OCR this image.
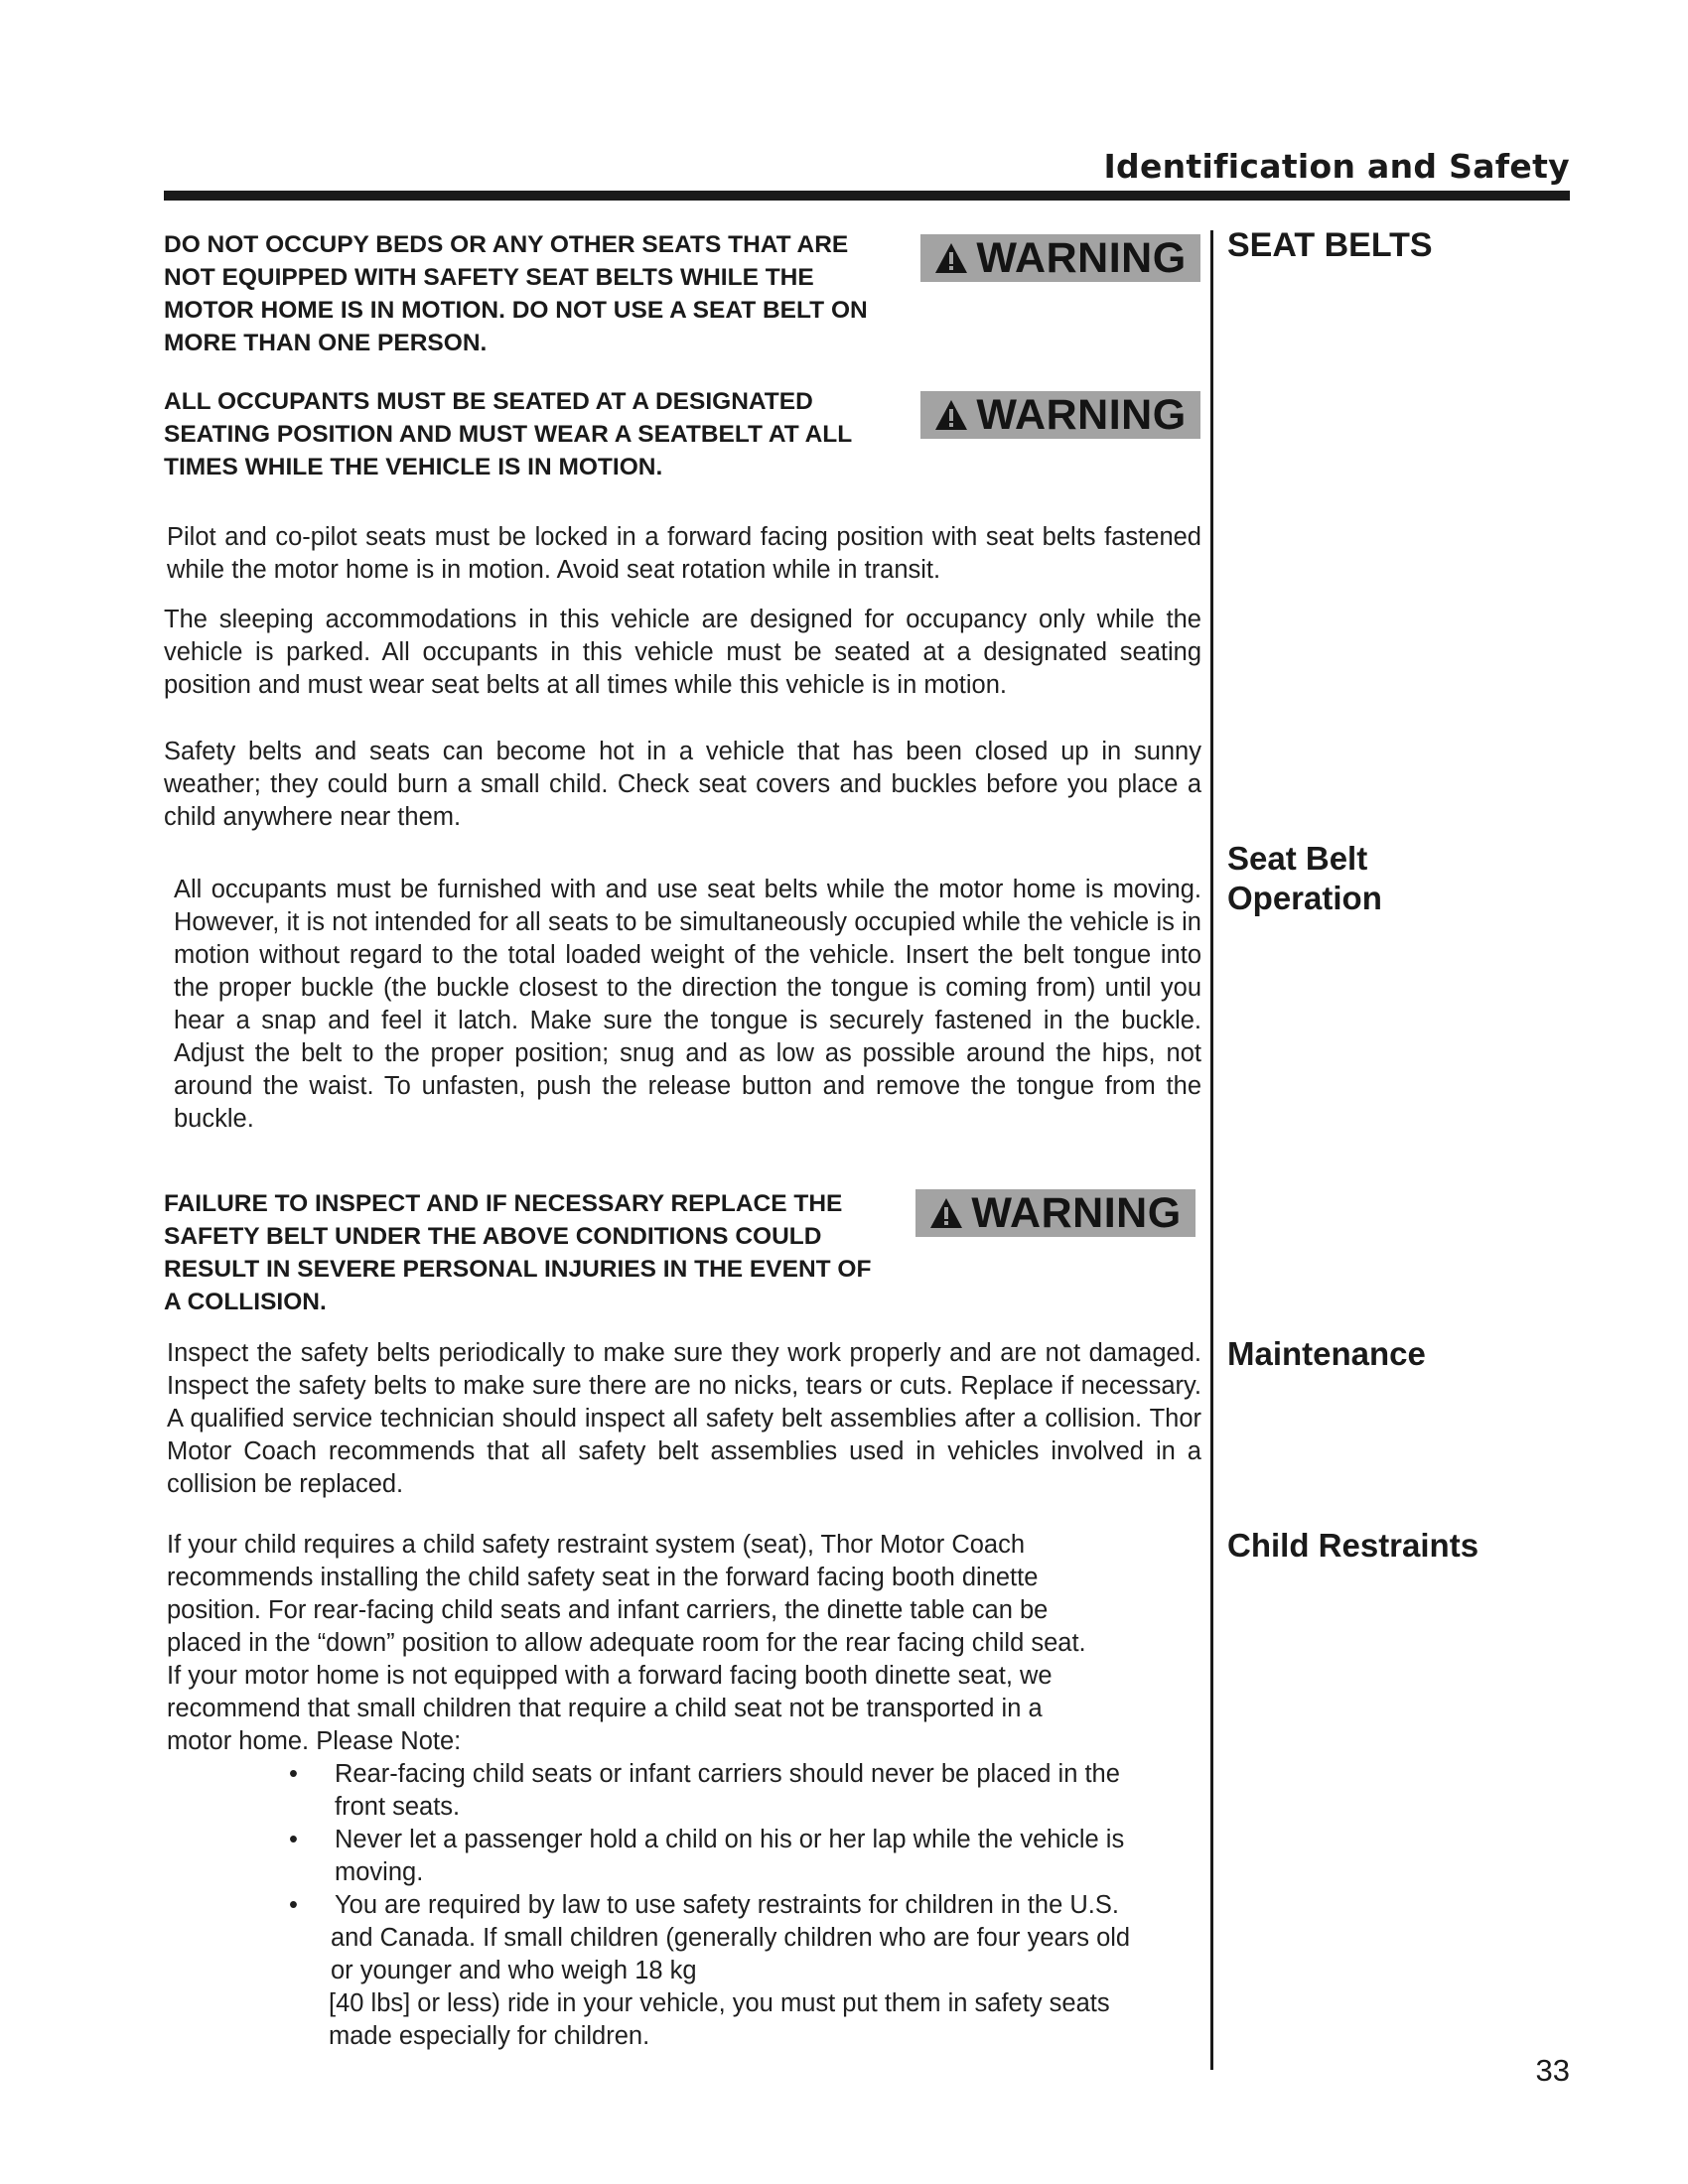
Identification and Safety
SEAT BELTS
Seat Belt
Operation
Maintenance
Child Restraints

DO NOT OCCUPY BEDS OR ANY OTHER SEATS THAT ARE NOT EQUIPPED WITH SAFETY SEAT BELTS WHILE THE MOTOR HOME IS IN MOTION. DO NOT USE A SEAT BELT ON MORE THAN ONE PERSON.

WARNING

ALL OCCUPANTS MUST BE SEATED AT A DESIGNATED SEATING POSITION AND MUST WEAR A SEATBELT AT ALL TIMES WHILE THE VEHICLE IS IN MOTION.

WARNING

Pilot and co-pilot seats must be locked in a forward facing position with seat belts fastened while the motor home is in motion. Avoid seat rotation while in transit.

The sleeping accommodations in this vehicle are designed for occupancy only while the vehicle is parked. All occupants in this vehicle must be seated at a designated seating position and must wear seat belts at all times while this vehicle is in motion.

Safety belts and seats can become hot in a vehicle that has been closed up in sunny weather; they could burn a small child. Check seat covers and buckles before you place a child anywhere near them.

All occupants must be furnished with and use seat belts while the motor home is moving. However, it is not intended for all seats to be simultaneously occupied while the vehicle is in motion without regard to the total loaded weight of the vehicle. Insert the belt tongue into the proper buckle (the buckle closest to the direction the tongue is coming from) until you hear a snap and feel it latch. Make sure the tongue is securely fastened in the buckle. Adjust the belt to the proper position; snug and as low as possible around the hips, not around the waist. To unfasten, push the release button and remove the tongue from the buckle.

FAILURE TO INSPECT AND IF NECESSARY REPLACE THE SAFETY BELT UNDER THE ABOVE CONDITIONS COULD RESULT IN SEVERE PERSONAL INJURIES IN THE EVENT OF A COLLISION.

WARNING

Inspect the safety belts periodically to make sure they work properly and are not damaged. Inspect the safety belts to make sure there are no nicks, tears or cuts. Replace if necessary. A qualified service technician should inspect all safety belt assemblies after a collision. Thor Motor Coach recommends that all safety belt assemblies used in vehicles involved in a collision be replaced.

If your child requires a child safety restraint system (seat), Thor Motor Coach
recommends installing the child safety seat in the forward facing booth dinette
position. For rear-facing child seats and infant carriers, the dinette table can be
placed in the “down” position to allow adequate room for the rear facing child seat.
If your motor home is not equipped with a forward facing booth dinette seat, we
recommend that small children that require a child seat not be transported in a
motor home. Please Note:
• Rear-facing child seats or infant carriers should never be placed in the
front seats.
• Never let a passenger hold a child on his or her lap while the vehicle is
moving.
• You are required by law to use safety restraints for children in the U.S.
and Canada. If small children (generally children who are four years old
or younger and who weigh 18 kg
[40 lbs] or less) ride in your vehicle, you must put them in safety seats
made especially for children.
33
